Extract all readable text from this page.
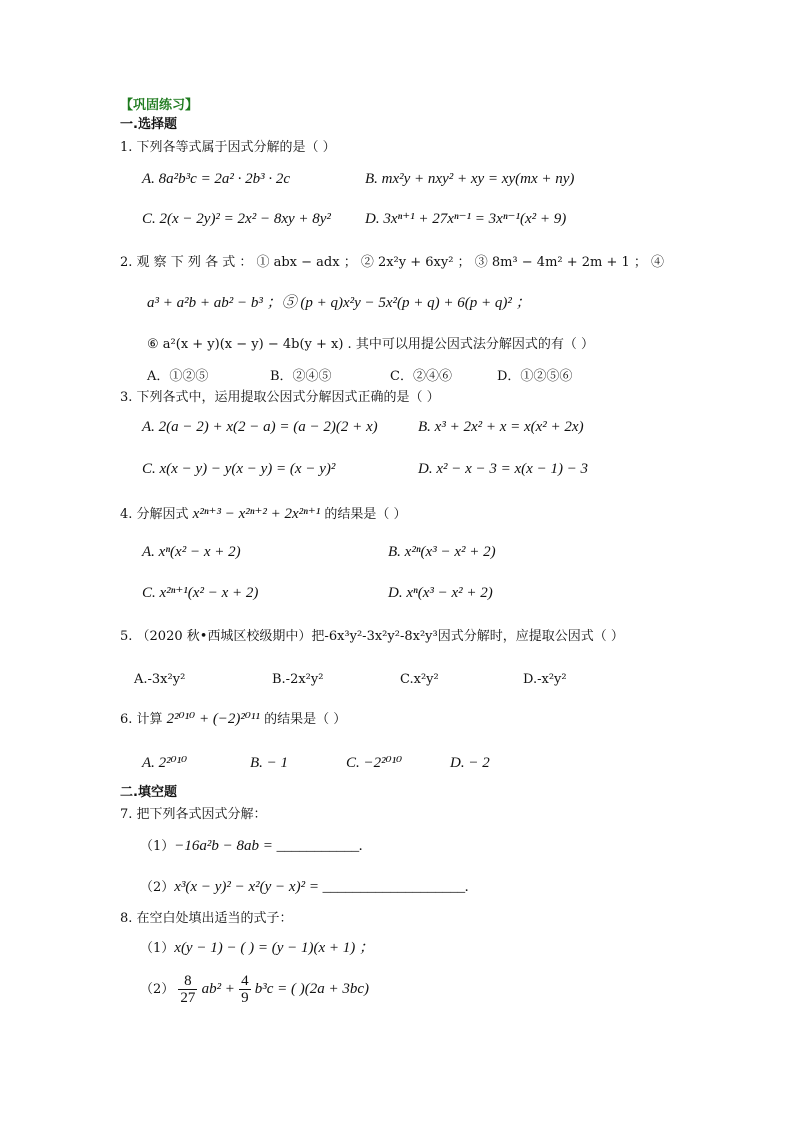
【巩固练习】
一.选择题
1. 下列各等式属于因式分解的是（ ）
A. 8a²b³c = 2a² · 2b³ · 2c	B. mx²y + nxy² + xy = xy(mx + ny)
C. 2(x − 2y)² = 2x² − 8xy + 8y² D. 3xⁿ⁺¹ + 27xⁿ⁻¹ = 3xⁿ⁻¹(x² + 9)
2. 观 察 下 列 各 式 ： ① abx − adx ； ② 2x²y + 6xy² ； ③ 8m³ − 4m² + 2m + 1 ； ④
a³ + a²b + ab² − b³ ；⑤ (p + q)x²y − 5x²(p + q) + 6(p + q)² ；
⑥ a²(x + y)(x − y) − 4b(y + x) . 其中可以用提公因式法分解因式的有（ ）
A．①②⑤	B．②④⑤	C．②④⑥	D．①②⑤⑥
3. 下列各式中，运用提取公因式分解因式正确的是（ ）
A. 2(a − 2) + x(2 − a) = (a − 2)(2 + x)	B. x³ + 2x² + x = x(x² + 2x)
C. x(x − y) − y(x − y) = (x − y)²	D. x² − x − 3 = x(x − 1) − 3
4. 分解因式 x²ⁿ⁺³ − x²ⁿ⁺² + 2x²ⁿ⁺¹ 的结果是（ ）
A. xⁿ(x² − x + 2)	B. x²ⁿ(x³ − x² + 2)
C. x²ⁿ⁺¹(x² − x + 2)	D. xⁿ(x³ − x² + 2)
5. （2020 秋•西城区校级期中）把-6x³y²-3x²y²-8x²y³因式分解时，应提取公因式（ ）
A.-3x²y²	B.-2x²y²	C.x²y²	D.-x²y²
6. 计算 2²⁰¹⁰ + (−2)²⁰¹¹ 的结果是（ ）
A. 2²⁰¹⁰	B. − 1	C. −2²⁰¹⁰	D. − 2
二.填空题
7. 把下列各式因式分解：
（1）−16a²b − 8ab = ___________.
（2）x³(x − y)² − x²(y − x)² = ___________________.
8. 在空白处填出适当的式子：
（1）x(y − 1) − ( ) = (y − 1)(x + 1) ；
$(2) \frac{8}{27} ab^2 + \frac{4}{9} b^3c$ = ( )(2a + 3bc)
